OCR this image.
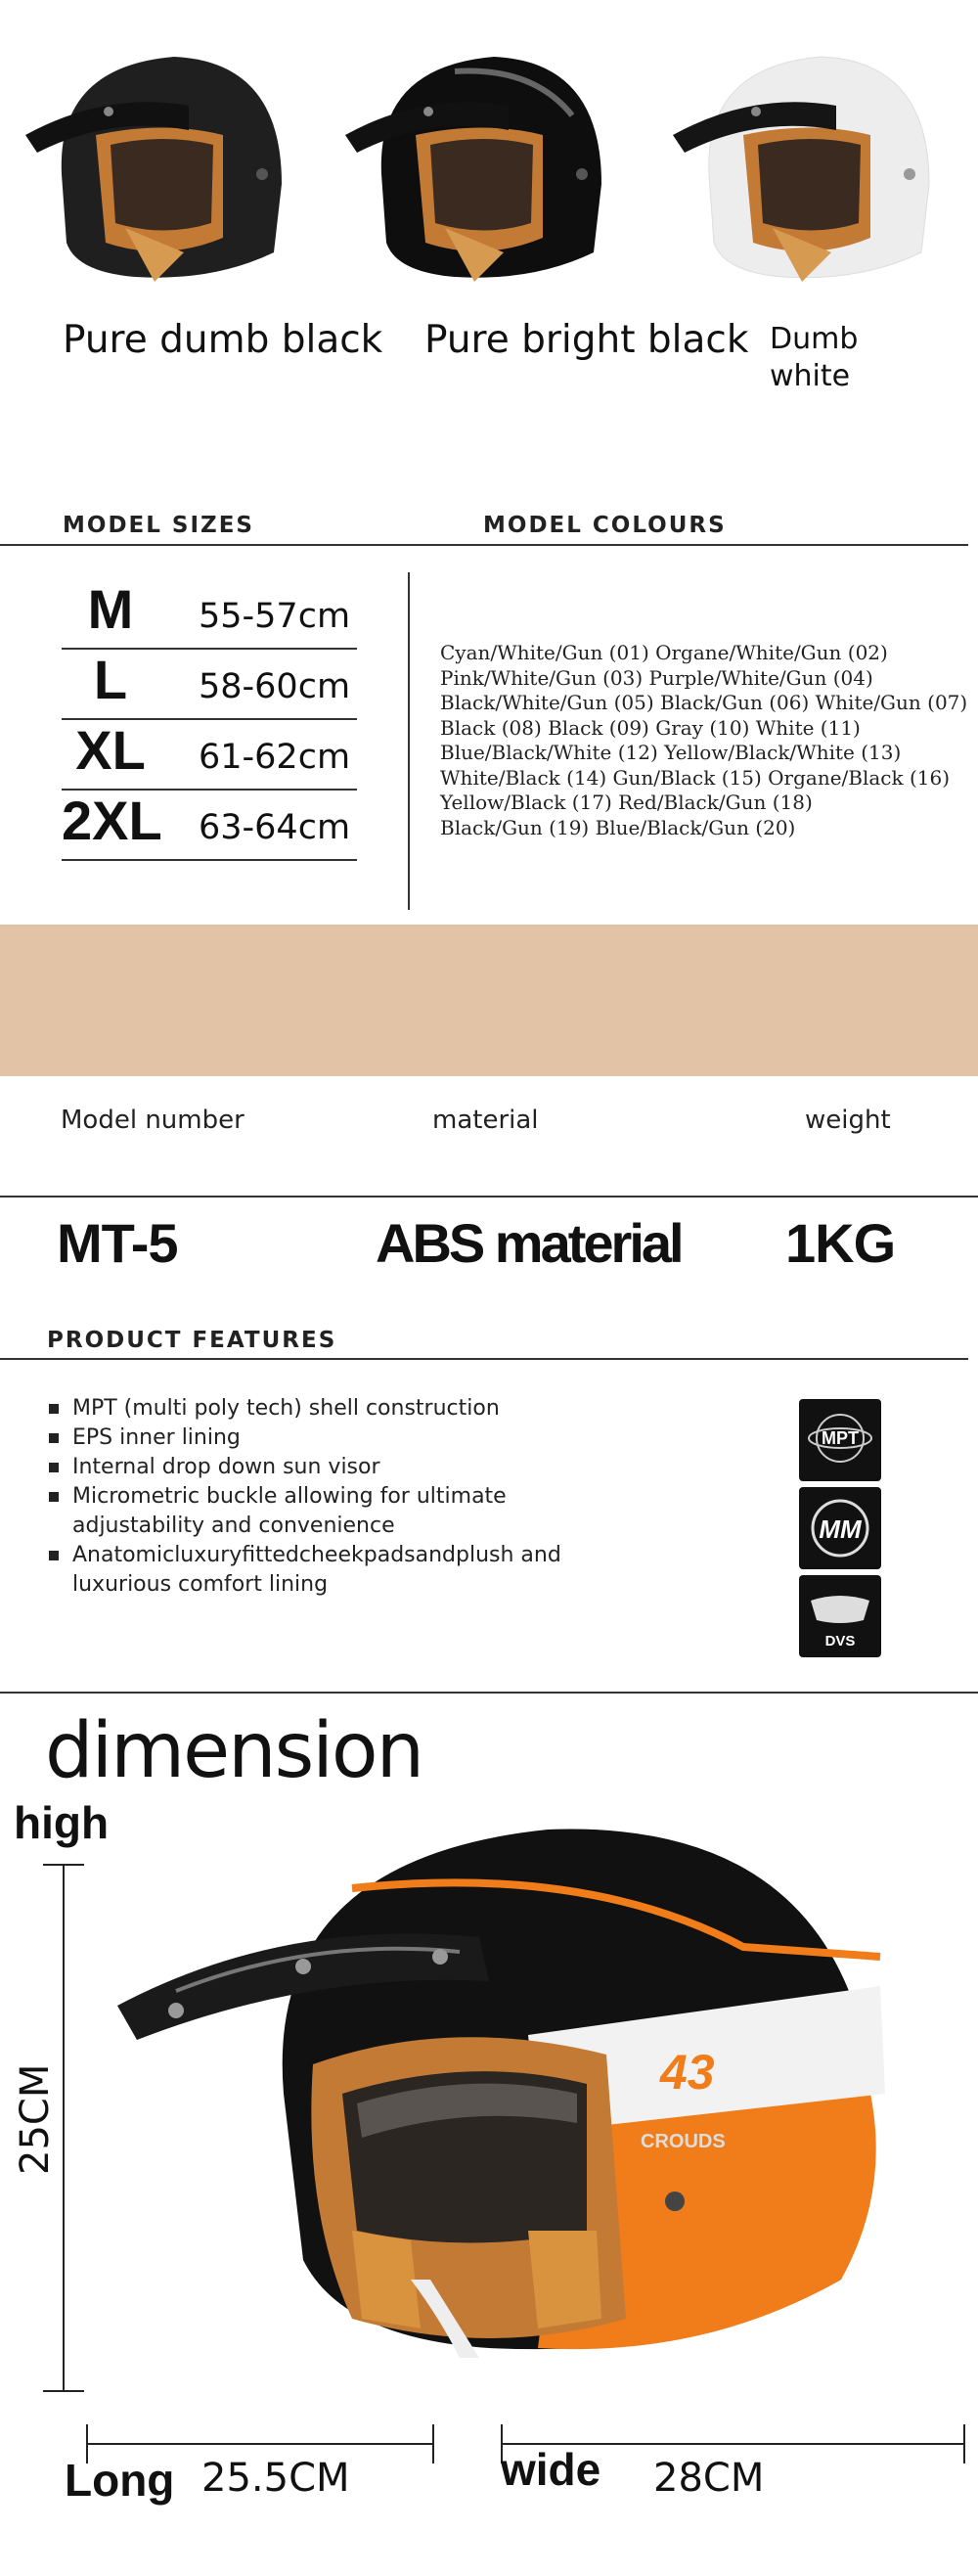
Pure dumb black Pure bright black Dumb
white
MODEL SIZES	MODEL COLOURS
M	55-57cm
L	58-60cm
XL	61-62cm
2XL 63-64cm
Cyan/White/Gun (01) Organe/White/Gun (02)
Pink/White/Gun (03) Purple/White/Gun (04)
Black/White/Gun (05) Black/Gun (06) White/Gun (07)
Black (08) Black (09) Gray (10) White (11)
Blue/Black/White (12) Yellow/Black/White (13)
White/Black (14) Gun/Black (15) Organe/Black (16)
Yellow/Black (17) Red/Black/Gun (18)
Black/Gun (19) Blue/Black/Gun (20)
Model number	material	weight
MT-5	ABS material 1KG
PRODUCT FEATURES
MPT (multi poly tech) shell construction
EPS inner lining
Internal drop down sun visor
Micrometric buckle allowing for ultimate adjustability and convenience
Anatomicluxuryfittedcheekpadsandplush and luxurious comfort lining
MPT
MM
DVS
dimension
high
25CM	43
CROUDS
Long 25.5CM	wide 28CM
